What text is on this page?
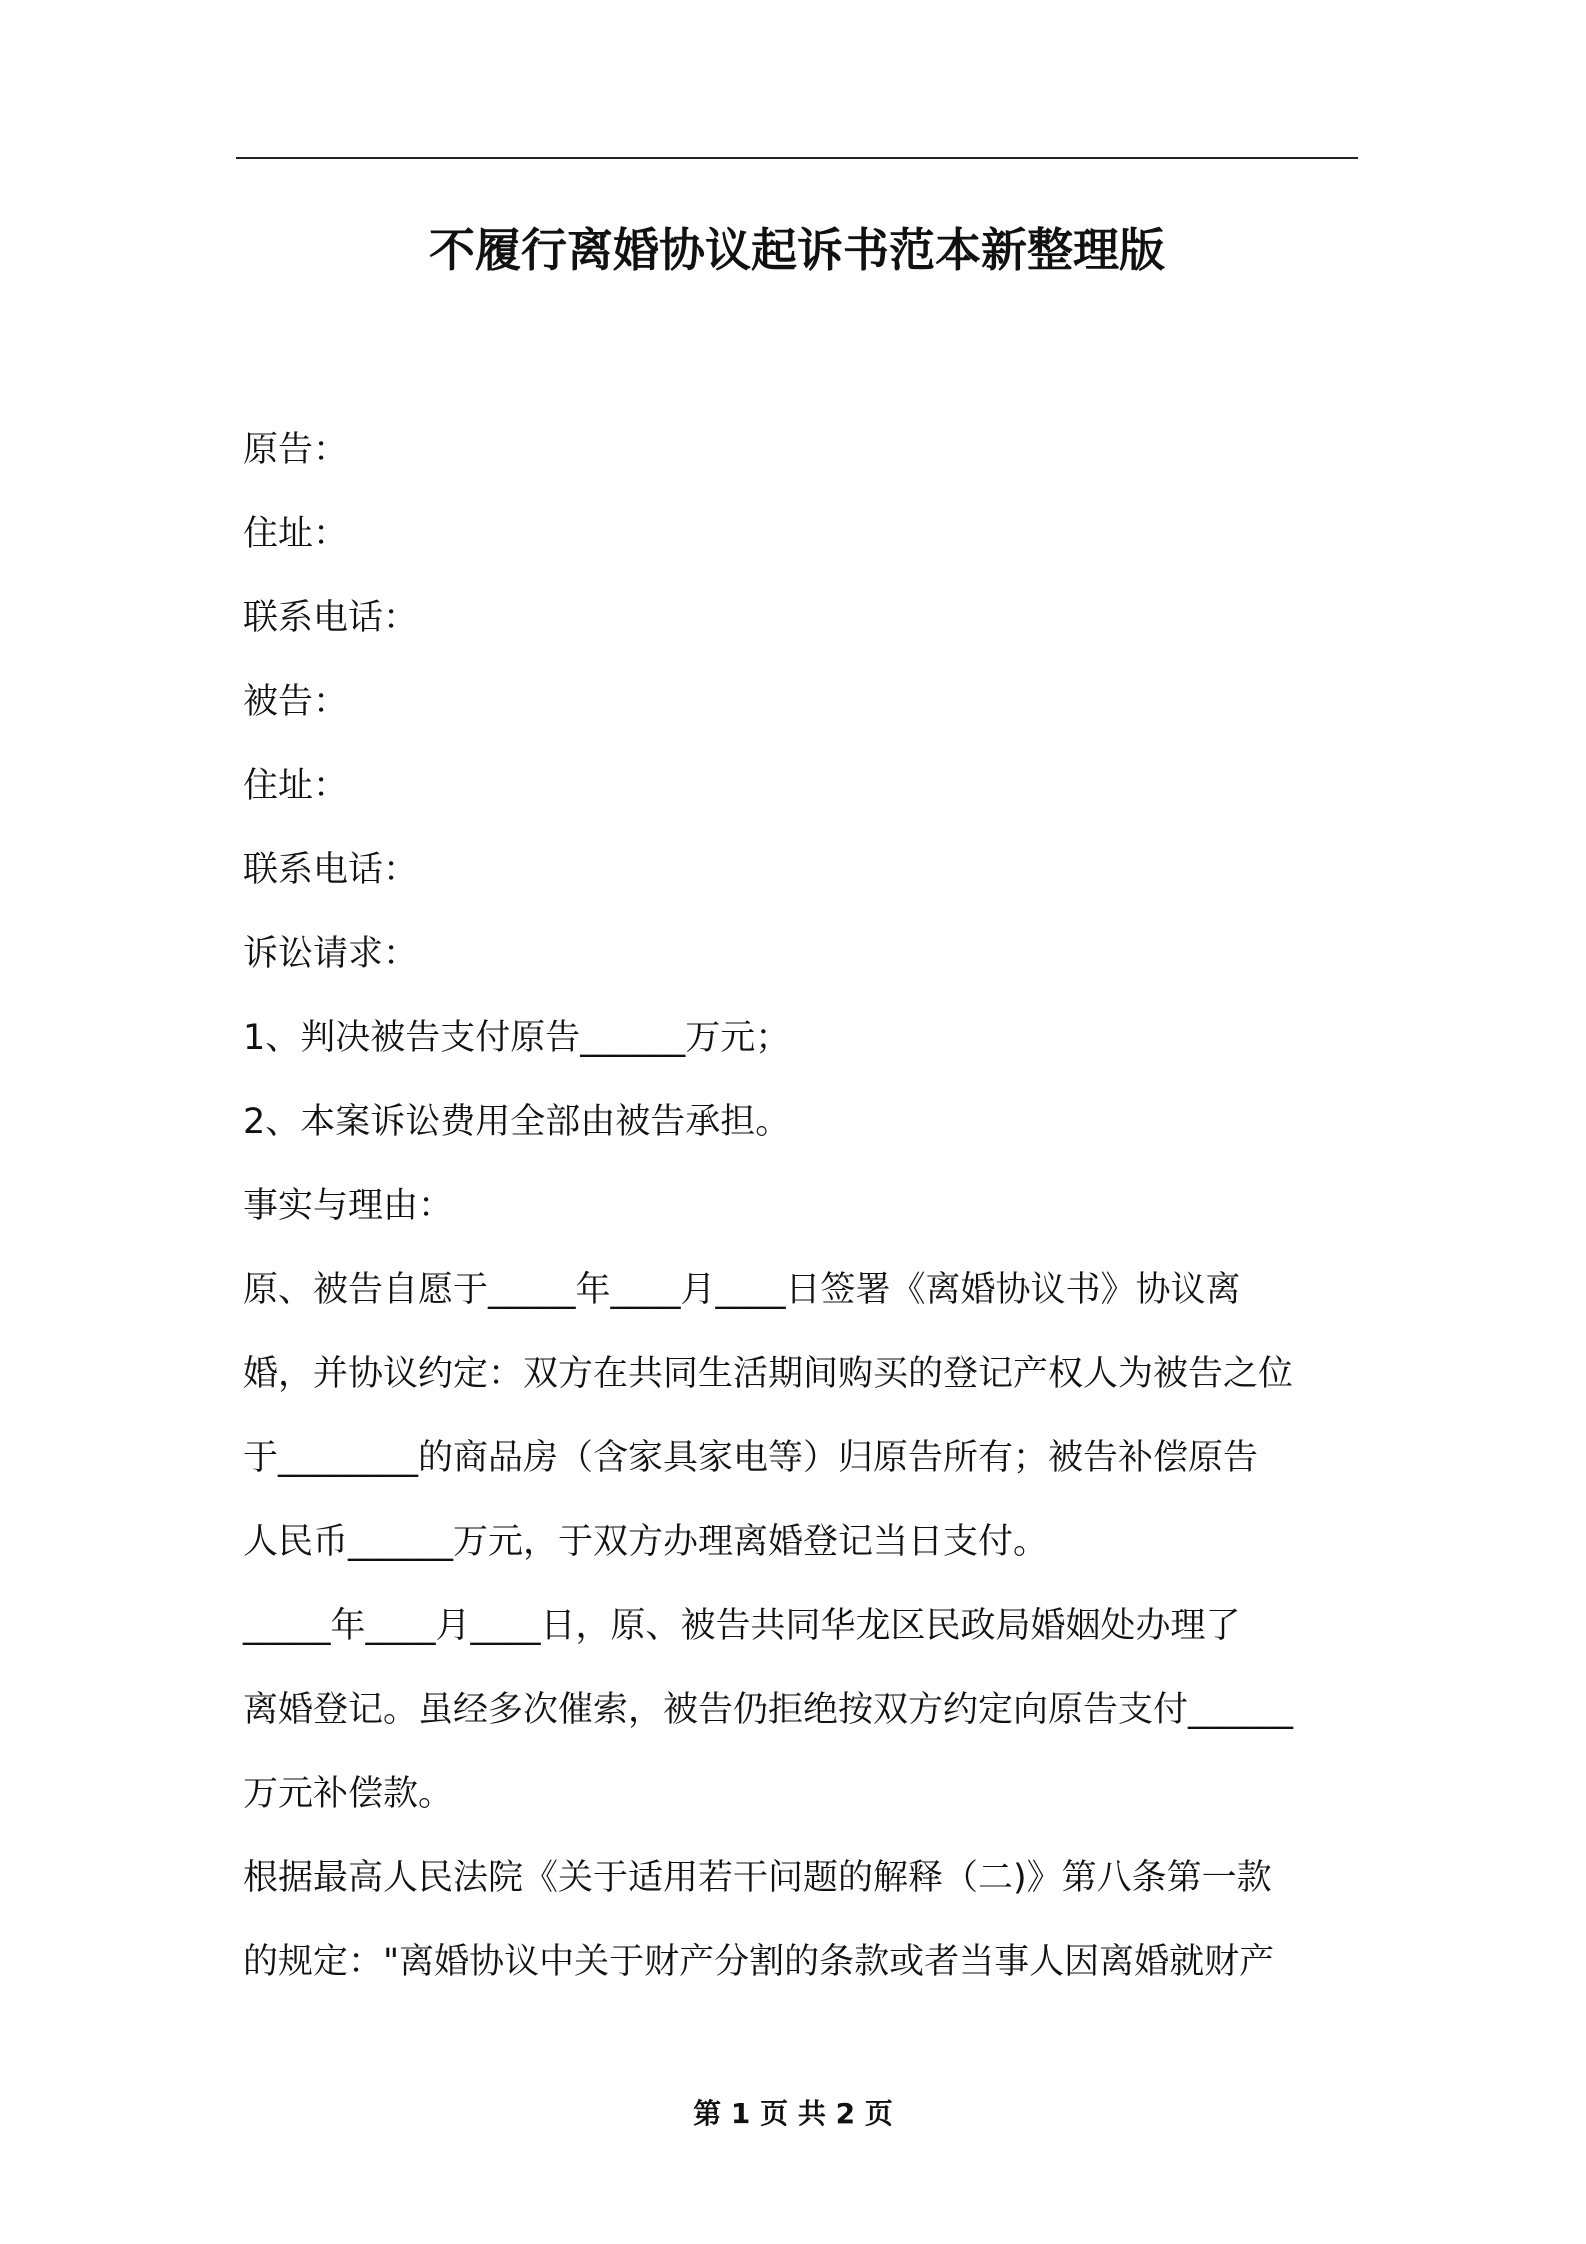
不履行离婚协议起诉书范本新整理版
原告：
住址：
联系电话：
被告：
住址：
联系电话：
诉讼请求：
1、判决被告支付原告______万元；
2、本案诉讼费用全部由被告承担。
事实与理由：
原、被告自愿于_____年____月____日签署《离婚协议书》协议离
婚，并协议约定：双方在共同生活期间购买的登记产权人为被告之位
于________的商品房（含家具家电等）归原告所有；被告补偿原告
人民币______万元，于双方办理离婚登记当日支付。
_____年____月____日，原、被告共同华龙区民政局婚姻处办理了
离婚登记。虽经多次催索，被告仍拒绝按双方约定向原告支付______
万元补偿款。
根据最高人民法院《关于适用若干问题的解释（二)》第八条第一款
的规定："离婚协议中关于财产分割的条款或者当事人因离婚就财产
第 1 页 共 2 页
